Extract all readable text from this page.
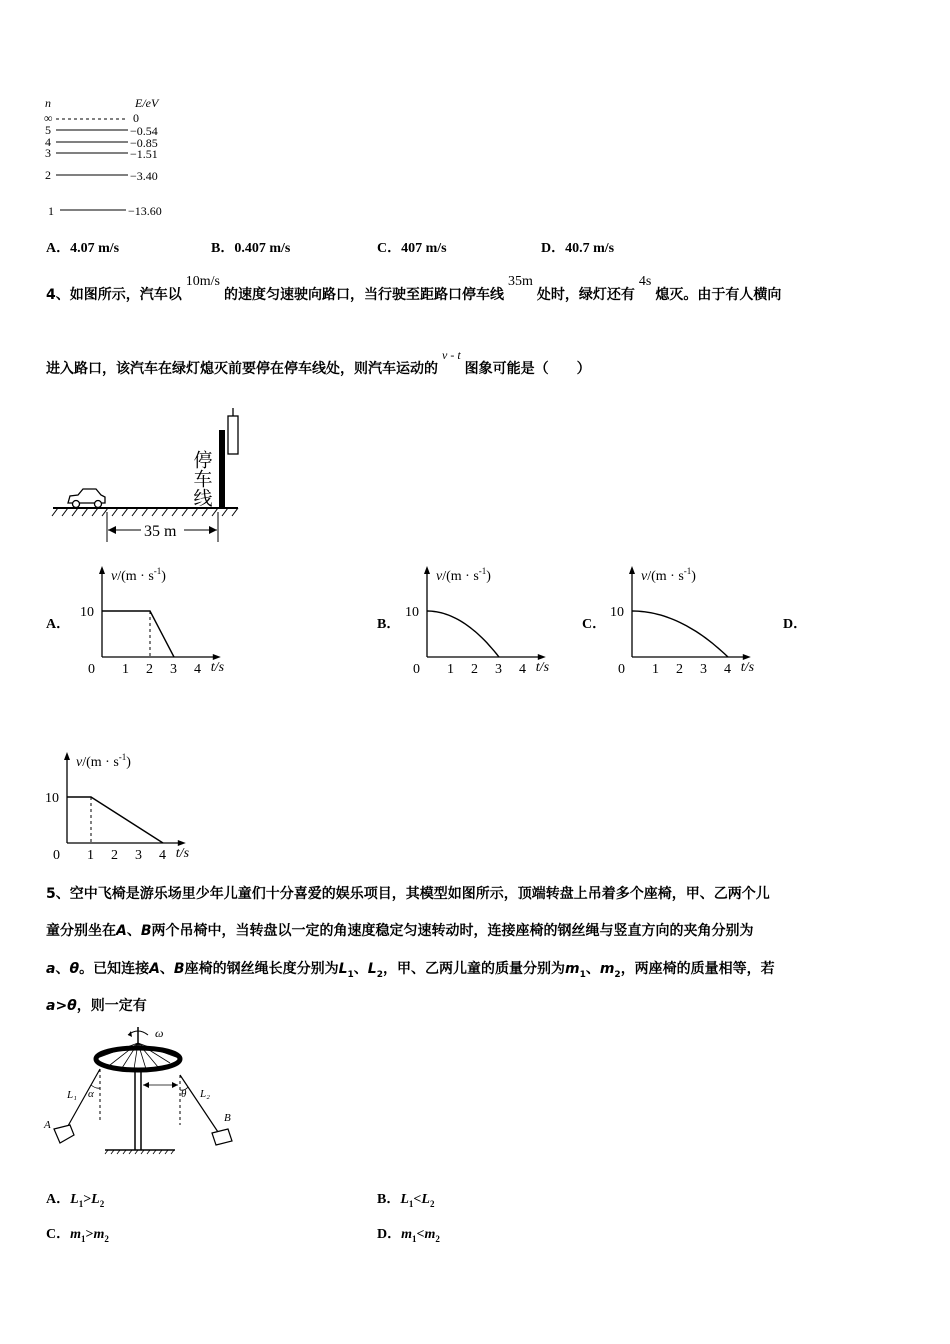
n	E/eV
∞	0
5	−0.54
4	−0.85
3	−1.51
2	−3.40
1	−13.60
A．4.07 m/s	B．0.407 m/s	C．407 m/s	D．40.7 m/s
4、如图所示，汽车以10m/s的速度匀速驶向路口，当行驶至距路口停车线35m处时，绿灯还有4s熄灭。由于有人横向
进入路口，该汽车在绿灯熄灭前要停在停车线处，则汽车运动的v - t图象可能是（　　）
停车线
35 m
A．	B．	C．	D．
$v/(m \cdot s^{-1})$
t/s
0 1 2 3 4
10
$v/(m \cdot s^{-1})$
t/s
0 1 2 3 4
10
$v/(m \cdot s^{-1})$
t/s
0 1 2 3 4
10
$v/(m \cdot s^{-1})$
t/s
0 1 2 3 4
10
5、空中飞椅是游乐场里少年儿童们十分喜爱的娱乐项目，其模型如图所示，顶端转盘上吊着多个座椅，甲、乙两个儿
童分别坐在A、B两个吊椅中，当转盘以一定的角速度稳定匀速转动时，连接座椅的钢丝绳与竖直方向的夹角分别为
a、θ。已知连接A、B座椅的钢丝绳长度分别为$L_1$、$L_2$，甲、乙两儿童的质量分别为$m_1$、$m_2$，两座椅的质量相等，若
a>θ，则一定有
ω
α
L₁
A
θ L₂
B
A．$L_1>L_2$	B．$L_1<L_2$
C．$m_1>m_2$	D．$m_1<m_2$
